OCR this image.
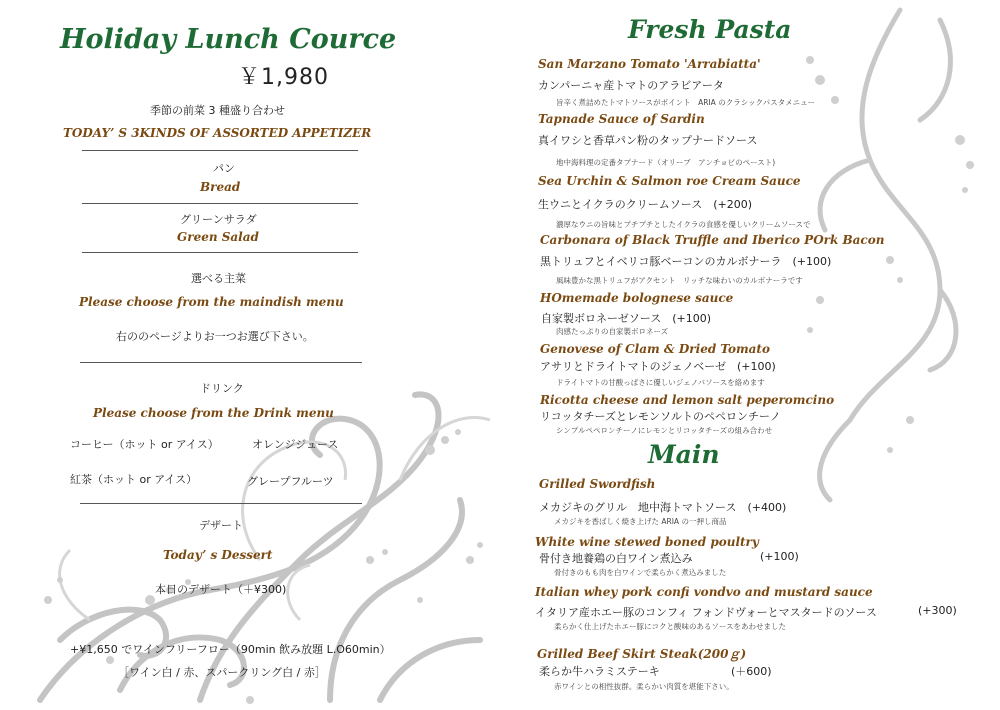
Holiday Lunch Cource
￥1,980
季節の前菜 3 種盛り合わせ
TODAY’ S 3KINDS OF ASSORTED APPETIZER
パン
Bread
グリーンサラダ
Green Salad
選べる主菜
Please choose from the maindish menu
右ののページよりお一つお選び下さい。
ドリンク
Please choose from the Drink menu
コーヒー（ホット or アイス）	オレンジジュース
紅茶（ホット or アイス）	グレープフルーツ
デザート
Today’ s Dessert
本日のデザート（＋¥300)
+¥1,650 でワインフリーフロー（90min 飲み放題 L.O60min）
［ワイン白 / 赤、スパークリング白 / 赤］
Fresh Pasta
San Marzano Tomato 'Arrabiatta'
カンパーニャ産トマトのアラビアータ
旨辛く煮詰めたトマトソースがポイント　ARIA のクラシックパスタメニュー
Tapnade Sauce of Sardin
真イワシと香草パン粉のタップナードソース
地中海料理の定番タプナード（オリーブ　アンチョビのペースト)
Sea Urchin & Salmon roe Cream Sauce
生ウニとイクラのクリームソース　(+200)
濃厚なウニの旨味とプチプチとしたイクラの食感を優しいクリームソースで
Carbonara of Black Truffle and Iberico POrk Bacon
黒トリュフとイベリコ豚ベーコンのカルボナーラ　(+100)
風味豊かな黒トリュフがアクセント　リッチな味わいのカルボナーラです
HOmemade bolognese sauce
自家製ボロネーゼソース　(+100)
肉感たっぷりの自家製ボロネーズ
Genovese of Clam & Dried Tomato
アサリとドライトマトのジェノベーゼ　(+100)
ドライトマトの甘酸っぱさに優しいジェノバソースを絡めます
Ricotta cheese and lemon salt peperomcino
リコッタチーズとレモンソルトのペペロンチーノ
シンプルペペロンチーノにレモンとリコッタチーズの組み合わせ
Main
Grilled Swordfish
メカジキのグリル　地中海トマトソース　(+400)
メカジキを香ばしく焼き上げた ARIA の一押し商品
White wine stewed boned poultry
骨付き地養鶏の白ワイン煮込み	(+100)
骨付きのもも肉を白ワインで柔らかく煮込みました
Italian whey pork confi vondvo and mustard sauce
イタリア産ホエー豚のコンフィ フォンドヴォーとマスタードのソース	(+300)
柔らかく仕上げたホエー豚にコクと酸味のあるソースをあわせました
Grilled Beef Skirt Steak(200ｇ)
柔らか牛ハラミステーキ	(＋600)
赤ワインとの相性抜群。柔らかい肉質を堪能下さい。
